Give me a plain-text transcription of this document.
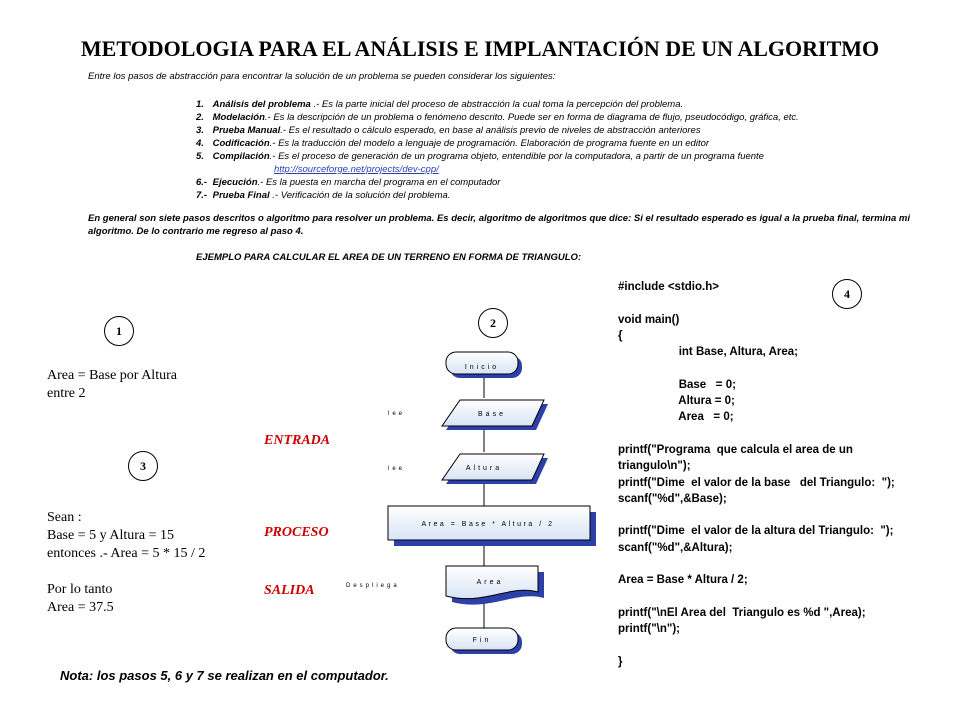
METODOLOGIA PARA EL ANÁLISIS E IMPLANTACIÓN DE UN ALGORITMO
Entre los pasos de abstracción para encontrar la solución de un problema se pueden considerar los siguientes:
1. Análisis del problema .- Es la parte inicial del proceso de abstracción la cual toma la percepción del problema.
2. Modelación.- Es la descripción de un problema o fenómeno descrito. Puede ser en forma de diagrama de flujo, pseudocódigo, gráfica, etc.
3. Prueba Manual.- Es el resultado o cálculo esperado, en base al análisis previo de niveles de abstracción anteriores
4. Codificación.- Es la traducción del modelo a lenguaje de programación. Elaboración de programa fuente en un editor
5. Compilación.- Es el proceso de generación de un programa objeto, entendible por la computadora, a partir de un programa fuente
http://sourceforge.net/projects/dev-cpp/
6.- Ejecución.- Es la puesta en marcha del programa en el computador
7.- Prueba Final .- Verificación de la solución del problema.
En general son siete pasos descritos o algoritmo para resolver un problema. Es decir, algoritmo de algoritmos que dice: Si el resultado esperado es igual a la prueba final, termina mi algoritmo. De lo contrario me regreso al paso 4.
EJEMPLO PARA CALCULAR EL AREA DE UN TERRENO EN FORMA DE TRIANGULO:
1
2
3
4
Area = Base por Altura
entre 2
Sean :
Base = 5 y Altura = 15
entonces .- Area = 5 * 15 / 2
Por lo tanto
Area = 37.5
ENTRADA
PROCESO
SALIDA
Inicio
lee	Base
lee	Altura
Area = Base * Altura / 2
Despliega
Area
Fin
#include <stdio.h>
void main()
{
int Base, Altura, Area;
Base   = 0;
Altura = 0;
Area   = 0;
printf("Programa  que calcula el area de un
triangulo\n");
printf("Dime  el valor de la base   del Triangulo:  ");
scanf("%d",&Base);
printf("Dime  el valor de la altura del Triangulo:  ");
scanf("%d",&Altura);
Area = Base * Altura / 2;
printf("\nEl Area del  Triangulo es %d ",Area);
printf("\n");
}
Nota: los pasos 5, 6 y 7 se realizan en el computador.
